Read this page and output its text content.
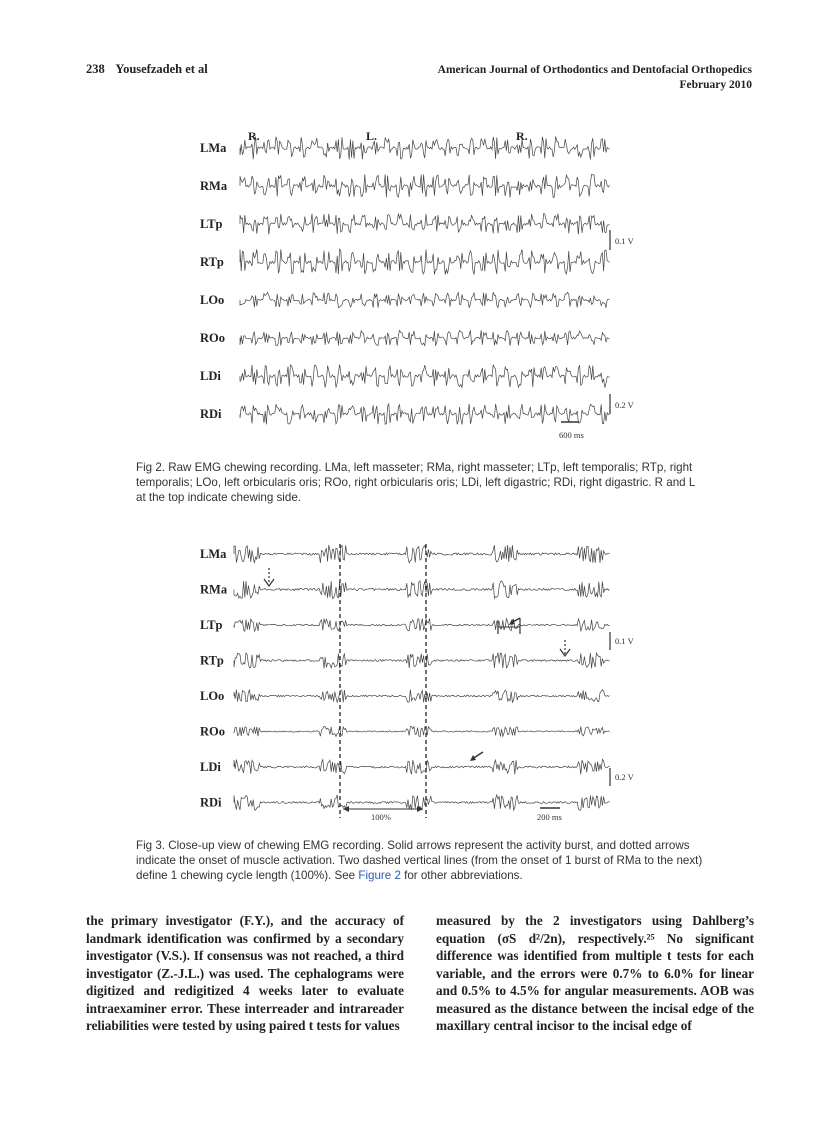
238 Yousefzadeh et al	American Journal of Orthodontics and Dentofacial Orthopedics
February 2010
R.	L.	R.
LMa
RMa
LTp
RTp
LOo
ROo
LDi
RDi
0.1 V
0.2 V
600 ms
Fig 2. Raw EMG chewing recording. LMa, left masseter; RMa, right masseter; LTp, left temporalis; RTp, right temporalis; LOo, left orbicularis oris; ROo, right orbicularis oris; LDi, left digastric; RDi, right digastric. R and L at the top indicate chewing side.
LMa
RMa
LTp
RTp
LOo
ROo
LDi
RDi
0.1 V
0.2 V
100%	200 ms
Fig 3. Close-up view of chewing EMG recording. Solid arrows represent the activity burst, and dotted arrows indicate the onset of muscle activation. Two dashed vertical lines (from the onset of 1 burst of RMa to the next) define 1 chewing cycle length (100%). See Figure 2 for other abbreviations.
the primary investigator (F.Y.), and the accuracy of landmark identification was confirmed by a secondary investigator (V.S.). If consensus was not reached, a third investigator (Z.-J.L.) was used. The cephalograms were digitized and redigitized 4 weeks later to evaluate intraexaminer error. These interreader and intrareader reliabilities were tested by using paired t tests for values
measured by the 2 investigators using Dahlberg’s equation (σS d²/2n), respectively.²⁵ No significant difference was identified from multiple t tests for each variable, and the errors were 0.7% to 6.0% for linear and 0.5% to 4.5% for angular measurements. AOB was measured as the distance between the incisal edge of the maxillary central incisor to the incisal edge of
